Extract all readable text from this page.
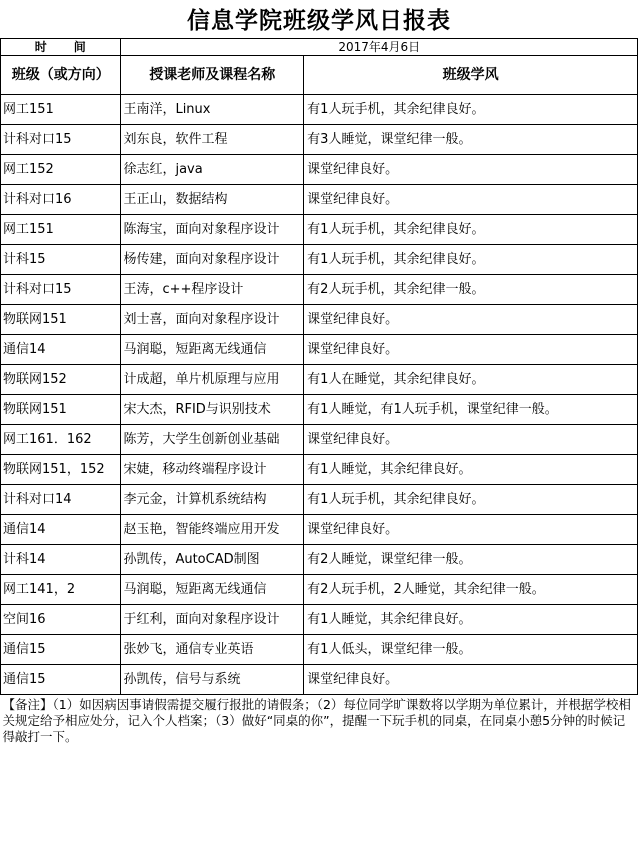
信息学院班级学风日报表
时　　间	2017年4月6日	
班级（或方向）	授课老师及课程名称	班级学风
网工151	王南洋，Linux	有1人玩手机，其余纪律良好。
计科对口15	刘东良，软件工程	有3人睡觉，课堂纪律一般。
网工152	徐志红，java	课堂纪律良好。
计科对口16	王正山，数据结构	课堂纪律良好。
网工151	陈海宝，面向对象程序设计	有1人玩手机，其余纪律良好。
计科15	杨传建，面向对象程序设计	有1人玩手机，其余纪律良好。
计科对口15	王涛，c++程序设计	有2人玩手机，其余纪律一般。
物联网151	刘士喜，面向对象程序设计	课堂纪律良好。
通信14	马润聪，短距离无线通信	课堂纪律良好。
物联网152	计成超，单片机原理与应用	有1人在睡觉，其余纪律良好。
物联网151	宋大杰，RFID与识别技术	有1人睡觉，有1人玩手机，课堂纪律一般。
网工161．162	陈芳，大学生创新创业基础	课堂纪律良好。
物联网151，152	宋婕，移动终端程序设计	有1人睡觉，其余纪律良好。
计科对口14	李元金，计算机系统结构	有1人玩手机，其余纪律良好。
通信14	赵玉艳，智能终端应用开发	课堂纪律良好。
计科14	孙凯传，AutoCAD制图	有2人睡觉，课堂纪律一般。
网工141，2	马润聪，短距离无线通信	有2人玩手机，2人睡觉，其余纪律一般。
空间16	于红利，面向对象程序设计	有1人睡觉，其余纪律良好。
通信15	张妙飞，通信专业英语	有1人低头，课堂纪律一般。
通信15	孙凯传，信号与系统	课堂纪律良好。
【备注】（1）如因病因事请假需提交履行报批的请假条；（2）每位同学旷课数将以学期为单位累计，并根据学校相关规定给予相应处分，记入个人档案；（3）做好“同桌的你”，提醒一下玩手机的同桌，在同桌小憩5分钟的时候记得敲打一下。		
